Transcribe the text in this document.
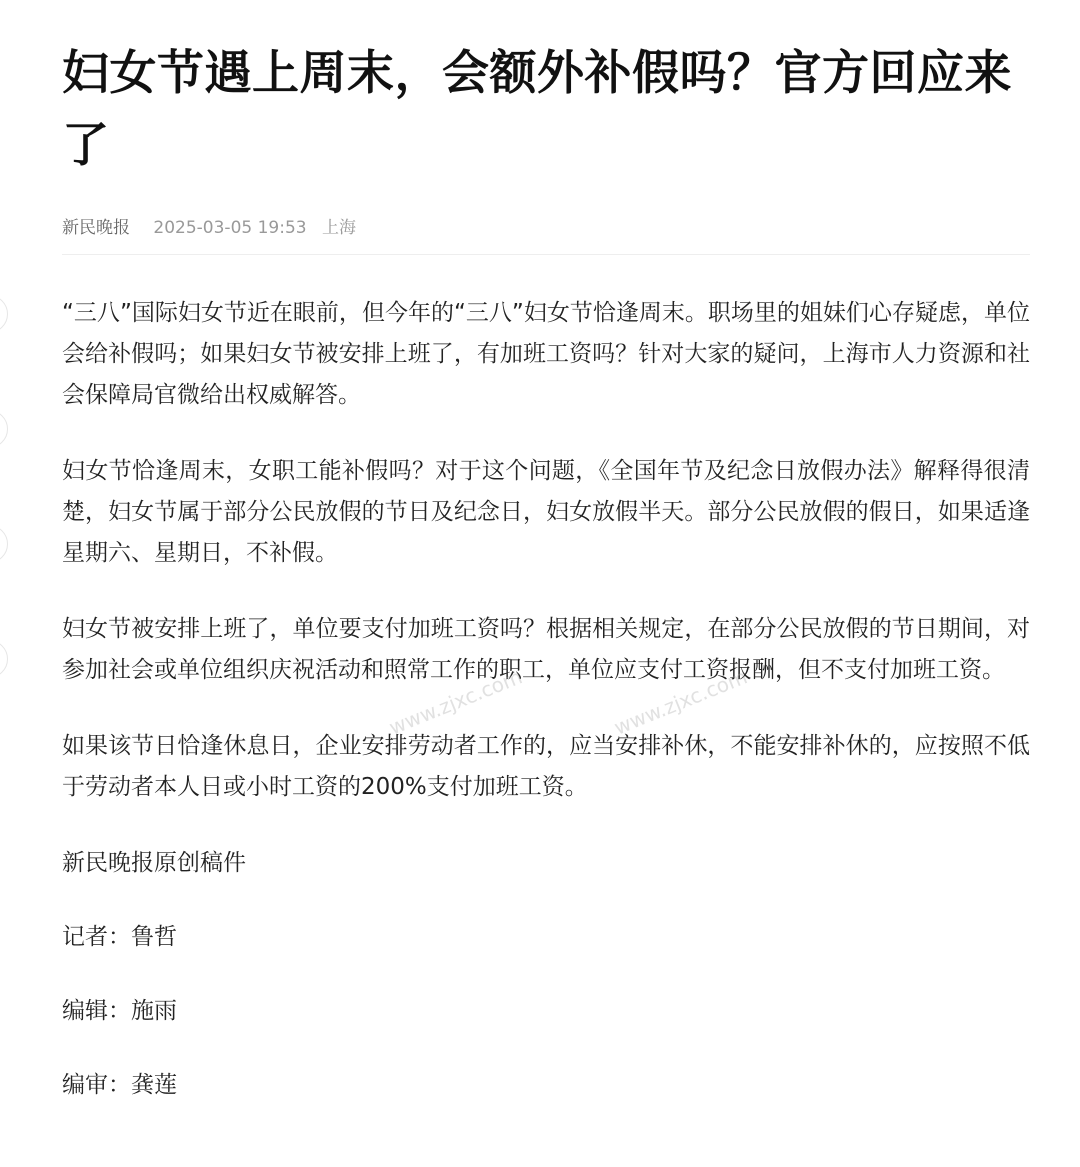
妇女节遇上周末，会额外补假吗？官方回应来了
新民晚报 2025-03-05 19:53 上海

“三八”国际妇女节近在眼前，但今年的“三八”妇女节恰逢周末。职场里的姐妹们心存疑虑，单位会给补假吗；如果妇女节被安排上班了，有加班工资吗？针对大家的疑问，上海市人力资源和社会保障局官微给出权威解答。

妇女节恰逢周末，女职工能补假吗？对于这个问题，《全国年节及纪念日放假办法》解释得很清楚，妇女节属于部分公民放假的节日及纪念日，妇女放假半天。部分公民放假的假日，如果适逢星期六、星期日，不补假。

妇女节被安排上班了，单位要支付加班工资吗？根据相关规定，在部分公民放假的节日期间，对参加社会或单位组织庆祝活动和照常工作的职工，单位应支付工资报酬，但不支付加班工资。

如果该节日恰逢休息日，企业安排劳动者工作的，应当安排补休，不能安排补休的，应按照不低于劳动者本人日或小时工资的200%支付加班工资。

新民晚报原创稿件

记者：鲁哲

编辑：施雨

编审：龚莲

www.zjxc.com	www.zjxc.com
